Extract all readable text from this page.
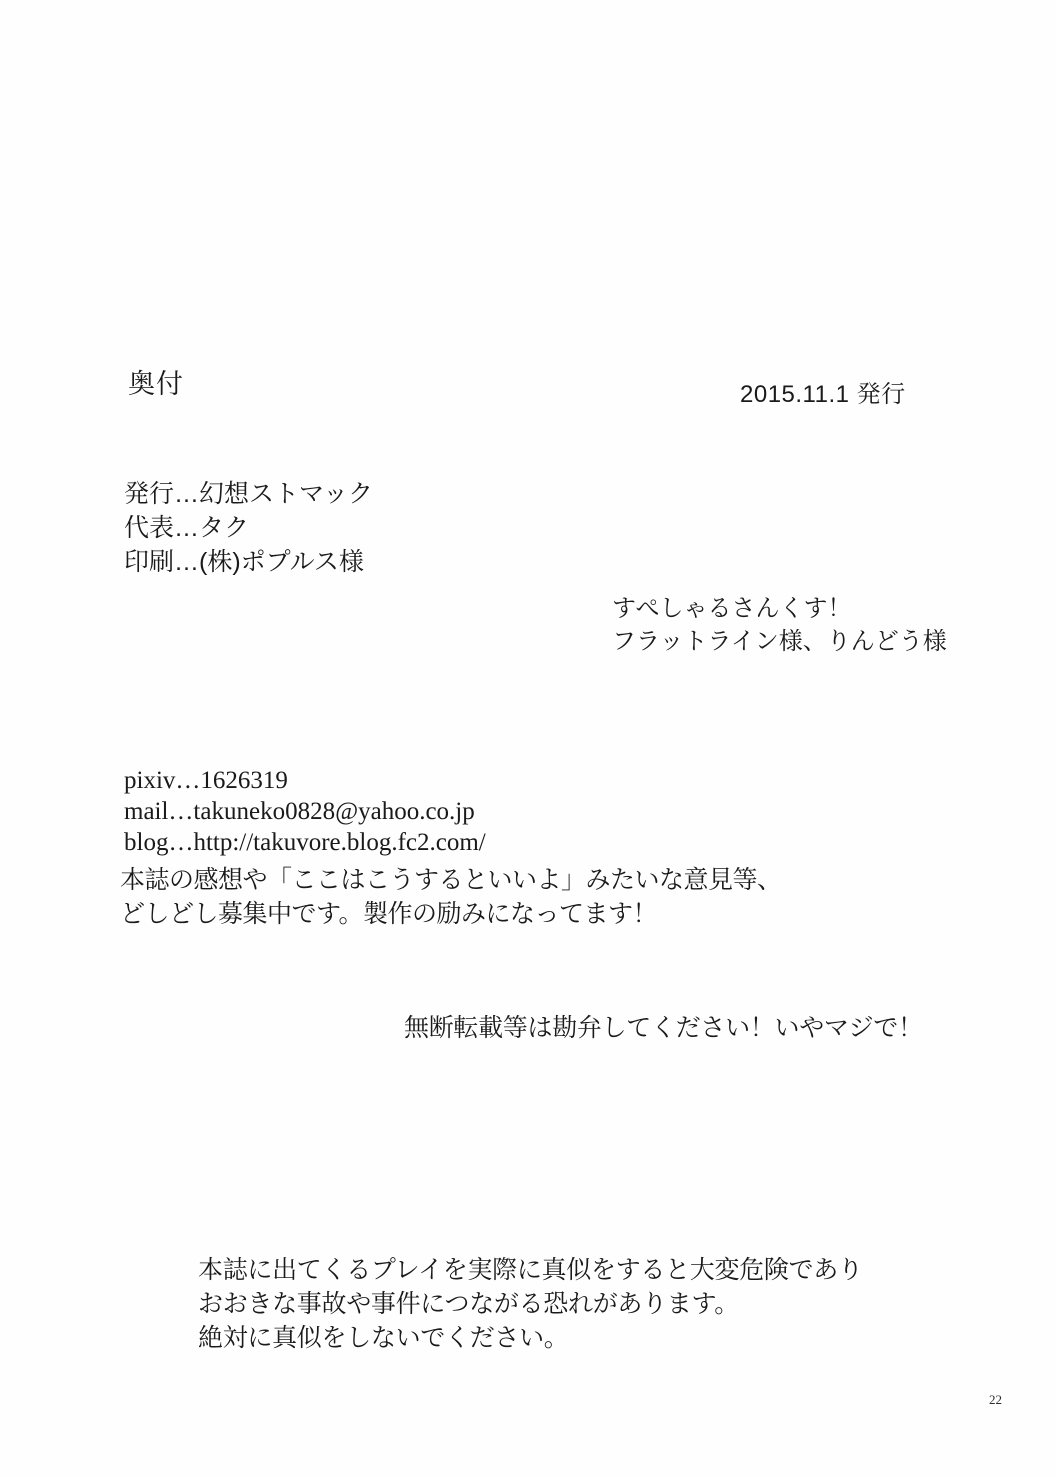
奥付	2015.11.1 発行
発行…幻想ストマック
代表…タク
印刷…(株)ポプルス様
すぺしゃるさんくす！
フラットライン様、りんどう様
pixiv…1626319
mail…takuneko0828@yahoo.co.jp
blog…http://takuvore.blog.fc2.com/
本誌の感想や「ここはこうするといいよ」みたいな意見等、
どしどし募集中です。製作の励みになってます！
無断転載等は勘弁してください！いやマジで！
本誌に出てくるプレイを実際に真似をすると大変危険であり
おおきな事故や事件につながる恐れがあります。
絶対に真似をしないでください。
22
